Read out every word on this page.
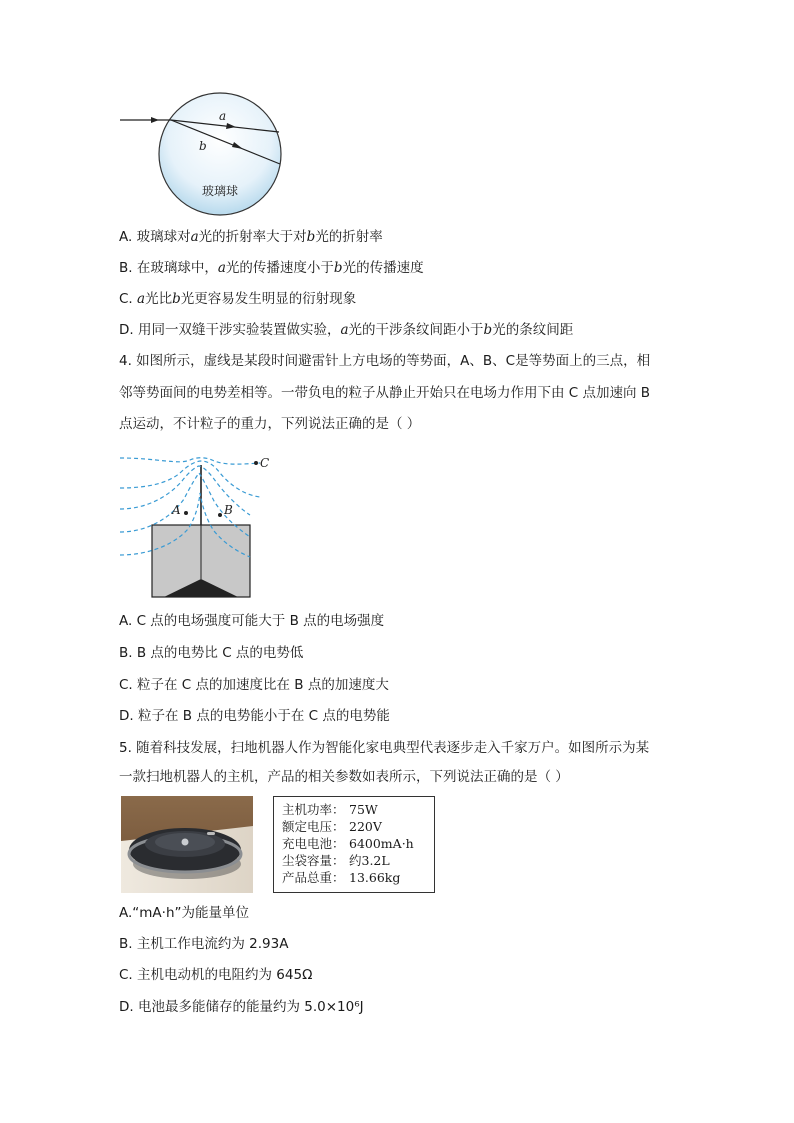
a
b
玻璃球
A. 玻璃球对a光的折射率大于对b光的折射率
B. 在玻璃球中，a光的传播速度小于b光的传播速度
C. a光比b光更容易发生明显的衍射现象
D. 用同一双缝干涉实验装置做实验，a光的干涉条纹间距小于b光的条纹间距
4. 如图所示，虚线是某段时间避雷针上方电场的等势面，A、B、C是等势面上的三点，相
邻等势面间的电势差相等。一带负电的粒子从静止开始只在电场力作用下由 C 点加速向 B
点运动，不计粒子的重力，下列说法正确的是（ ）
A	B
C
A. C 点的电场强度可能大于 B 点的电场强度
B. B 点的电势比 C 点的电势低
C. 粒子在 C 点的加速度比在 B 点的加速度大
D. 粒子在 B 点的电势能小于在 C 点的电势能
5. 随着科技发展，扫地机器人作为智能化家电典型代表逐步走入千家万户。如图所示为某
一款扫地机器人的主机，产品的相关参数如表所示，下列说法正确的是（ ）
主机功率： 75W
额定电压： 220V
充电电池： 6400mA·h
尘袋容量： 约3.2L
产品总重： 13.66kg
A.“mA·h”为能量单位
B. 主机工作电流约为 2.93A
C. 主机电动机的电阻约为 645Ω
D. 电池最多能储存的能量约为 5.0×10⁶J
